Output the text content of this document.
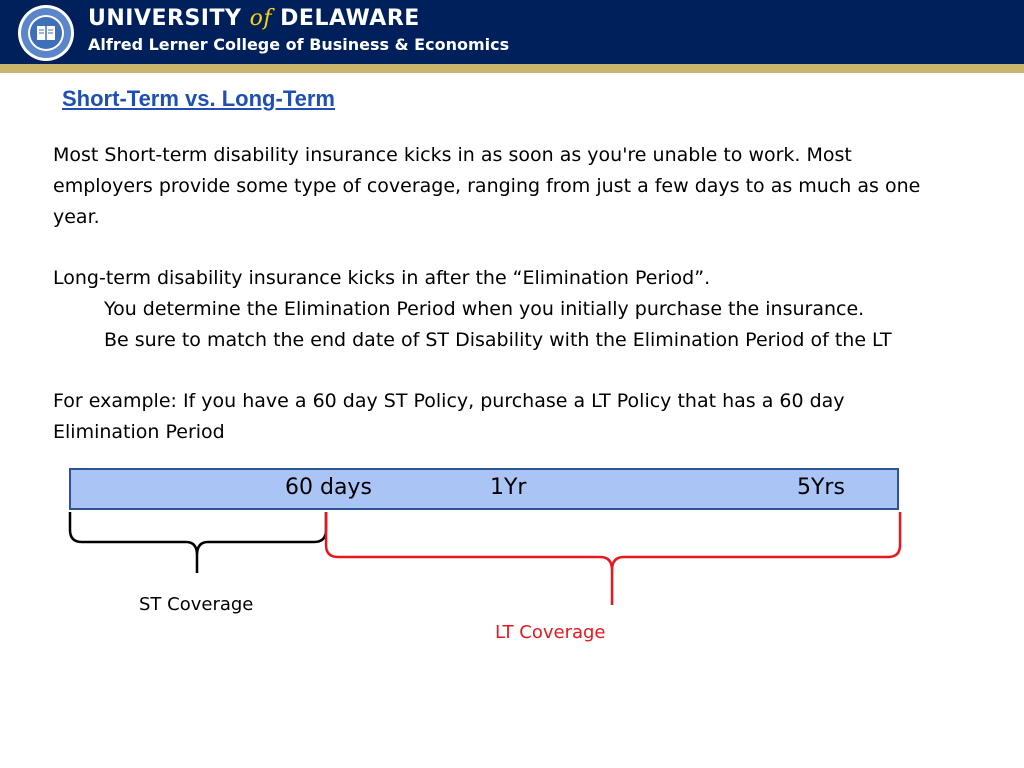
UNIVERSITY of DELAWARE
Alfred Lerner College of Business & Economics
Short-Term vs. Long-Term
Most Short-term disability insurance kicks in as soon as you're unable to work. Most
employers provide some type of coverage, ranging from just a few days to as much as one
year.
Long-term disability insurance kicks in after the “Elimination Period”.
You determine the Elimination Period when you initially purchase the insurance.
Be sure to match the end date of ST Disability with the Elimination Period of the LT
For example: If you have a 60 day ST Policy, purchase a LT Policy that has a 60 day
Elimination Period
60 days	1Yr	5Yrs
ST Coverage
LT Coverage
